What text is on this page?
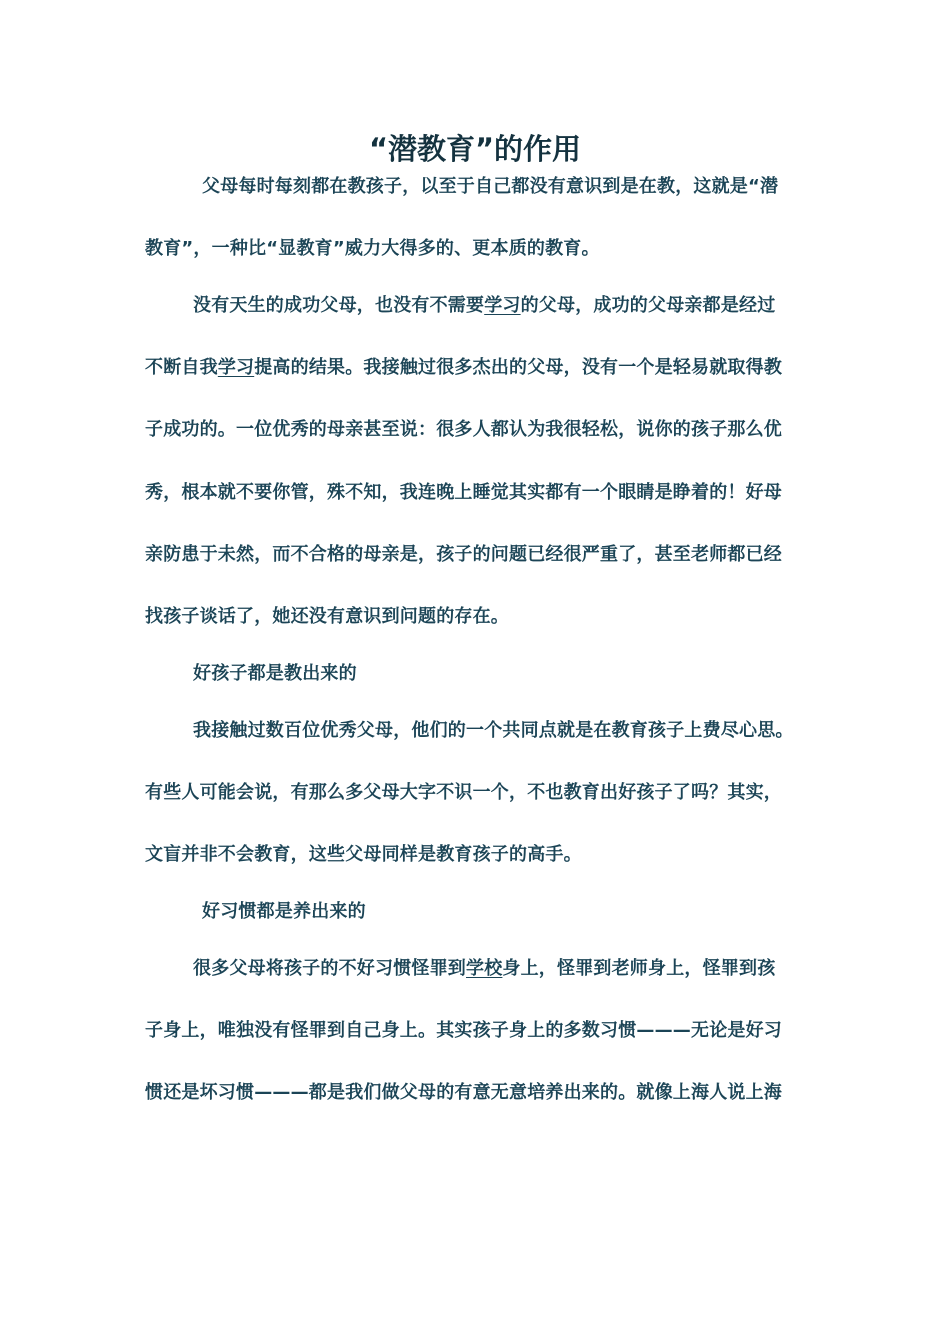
“潜教育”的作用
父母每时每刻都在教孩子，以至于自己都没有意识到是在教，这就是“潜
教育”，一种比“显教育”威力大得多的、更本质的教育。
没有天生的成功父母，也没有不需要学习的父母，成功的父母亲都是经过
不断自我学习提高的结果。我接触过很多杰出的父母，没有一个是轻易就取得教
子成功的。一位优秀的母亲甚至说：很多人都认为我很轻松，说你的孩子那么优
秀，根本就不要你管，殊不知，我连晚上睡觉其实都有一个眼睛是睁着的！好母
亲防患于未然，而不合格的母亲是，孩子的问题已经很严重了，甚至老师都已经
找孩子谈话了，她还没有意识到问题的存在。
好孩子都是教出来的
我接触过数百位优秀父母，他们的一个共同点就是在教育孩子上费尽心思。
有些人可能会说，有那么多父母大字不识一个，不也教育出好孩子了吗？其实，
文盲并非不会教育，这些父母同样是教育孩子的高手。
好习惯都是养出来的
很多父母将孩子的不好习惯怪罪到学校身上，怪罪到老师身上，怪罪到孩
子身上，唯独没有怪罪到自己身上。其实孩子身上的多数习惯———无论是好习
惯还是坏习惯———都是我们做父母的有意无意培养出来的。就像上海人说上海
